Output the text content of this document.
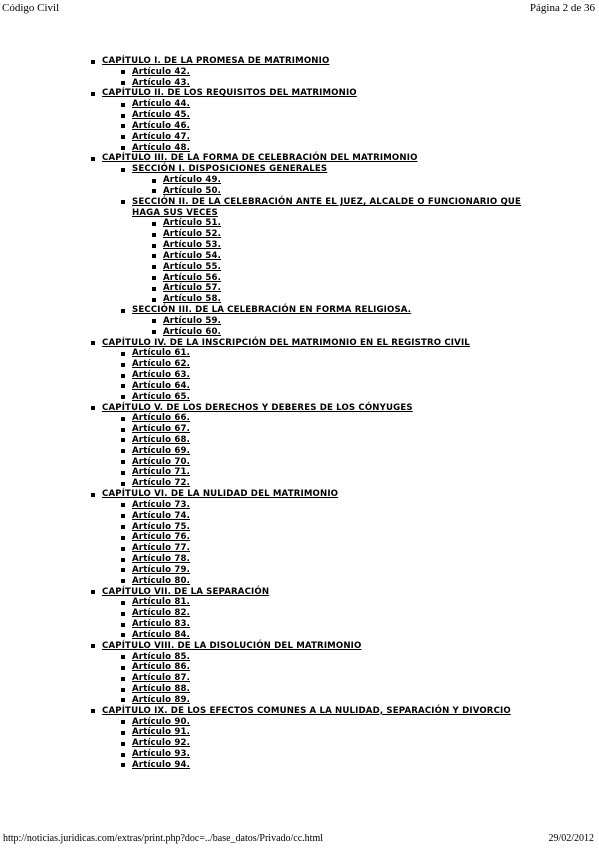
Código Civil	Página 2 de 36
CAPÍTULO I. DE LA PROMESA DE MATRIMONIO
Artículo 42.
Artículo 43.
CAPÍTULO II. DE LOS REQUISITOS DEL MATRIMONIO
Artículo 44.
Artículo 45.
Artículo 46.
Artículo 47.
Artículo 48.
CAPÍTULO III. DE LA FORMA DE CELEBRACIÓN DEL MATRIMONIO
SECCIÓN I. DISPOSICIONES GENERALES
Artículo 49.
Artículo 50.
SECCIÓN II. DE LA CELEBRACIÓN ANTE EL JUEZ, ALCALDE O FUNCIONARIO QUE
HAGA SUS VECES
Artículo 51.
Artículo 52.
Artículo 53.
Artículo 54.
Artículo 55.
Artículo 56.
Artículo 57.
Artículo 58.
SECCIÓN III. DE LA CELEBRACIÓN EN FORMA RELIGIOSA.
Artículo 59.
Artículo 60.
CAPÍTULO IV. DE LA INSCRIPCIÓN DEL MATRIMONIO EN EL REGISTRO CIVIL
Artículo 61.
Artículo 62.
Artículo 63.
Artículo 64.
Artículo 65.
CAPÍTULO V. DE LOS DERECHOS Y DEBERES DE LOS CÓNYUGES
Artículo 66.
Artículo 67.
Artículo 68.
Artículo 69.
Artículo 70.
Artículo 71.
Artículo 72.
CAPÍTULO VI. DE LA NULIDAD DEL MATRIMONIO
Artículo 73.
Artículo 74.
Artículo 75.
Artículo 76.
Artículo 77.
Artículo 78.
Artículo 79.
Artículo 80.
CAPÍTULO VII. DE LA SEPARACIÓN
Artículo 81.
Artículo 82.
Artículo 83.
Artículo 84.
CAPÍTULO VIII. DE LA DISOLUCIÓN DEL MATRIMONIO
Artículo 85.
Artículo 86.
Artículo 87.
Artículo 88.
Artículo 89.
CAPÍTULO IX. DE LOS EFECTOS COMUNES A LA NULIDAD, SEPARACIÓN Y DIVORCIO
Artículo 90.
Artículo 91.
Artículo 92.
Artículo 93.
Artículo 94.
http://noticias.juridicas.com/extras/print.php?doc=../base_datos/Privado/cc.html	29/02/2012
